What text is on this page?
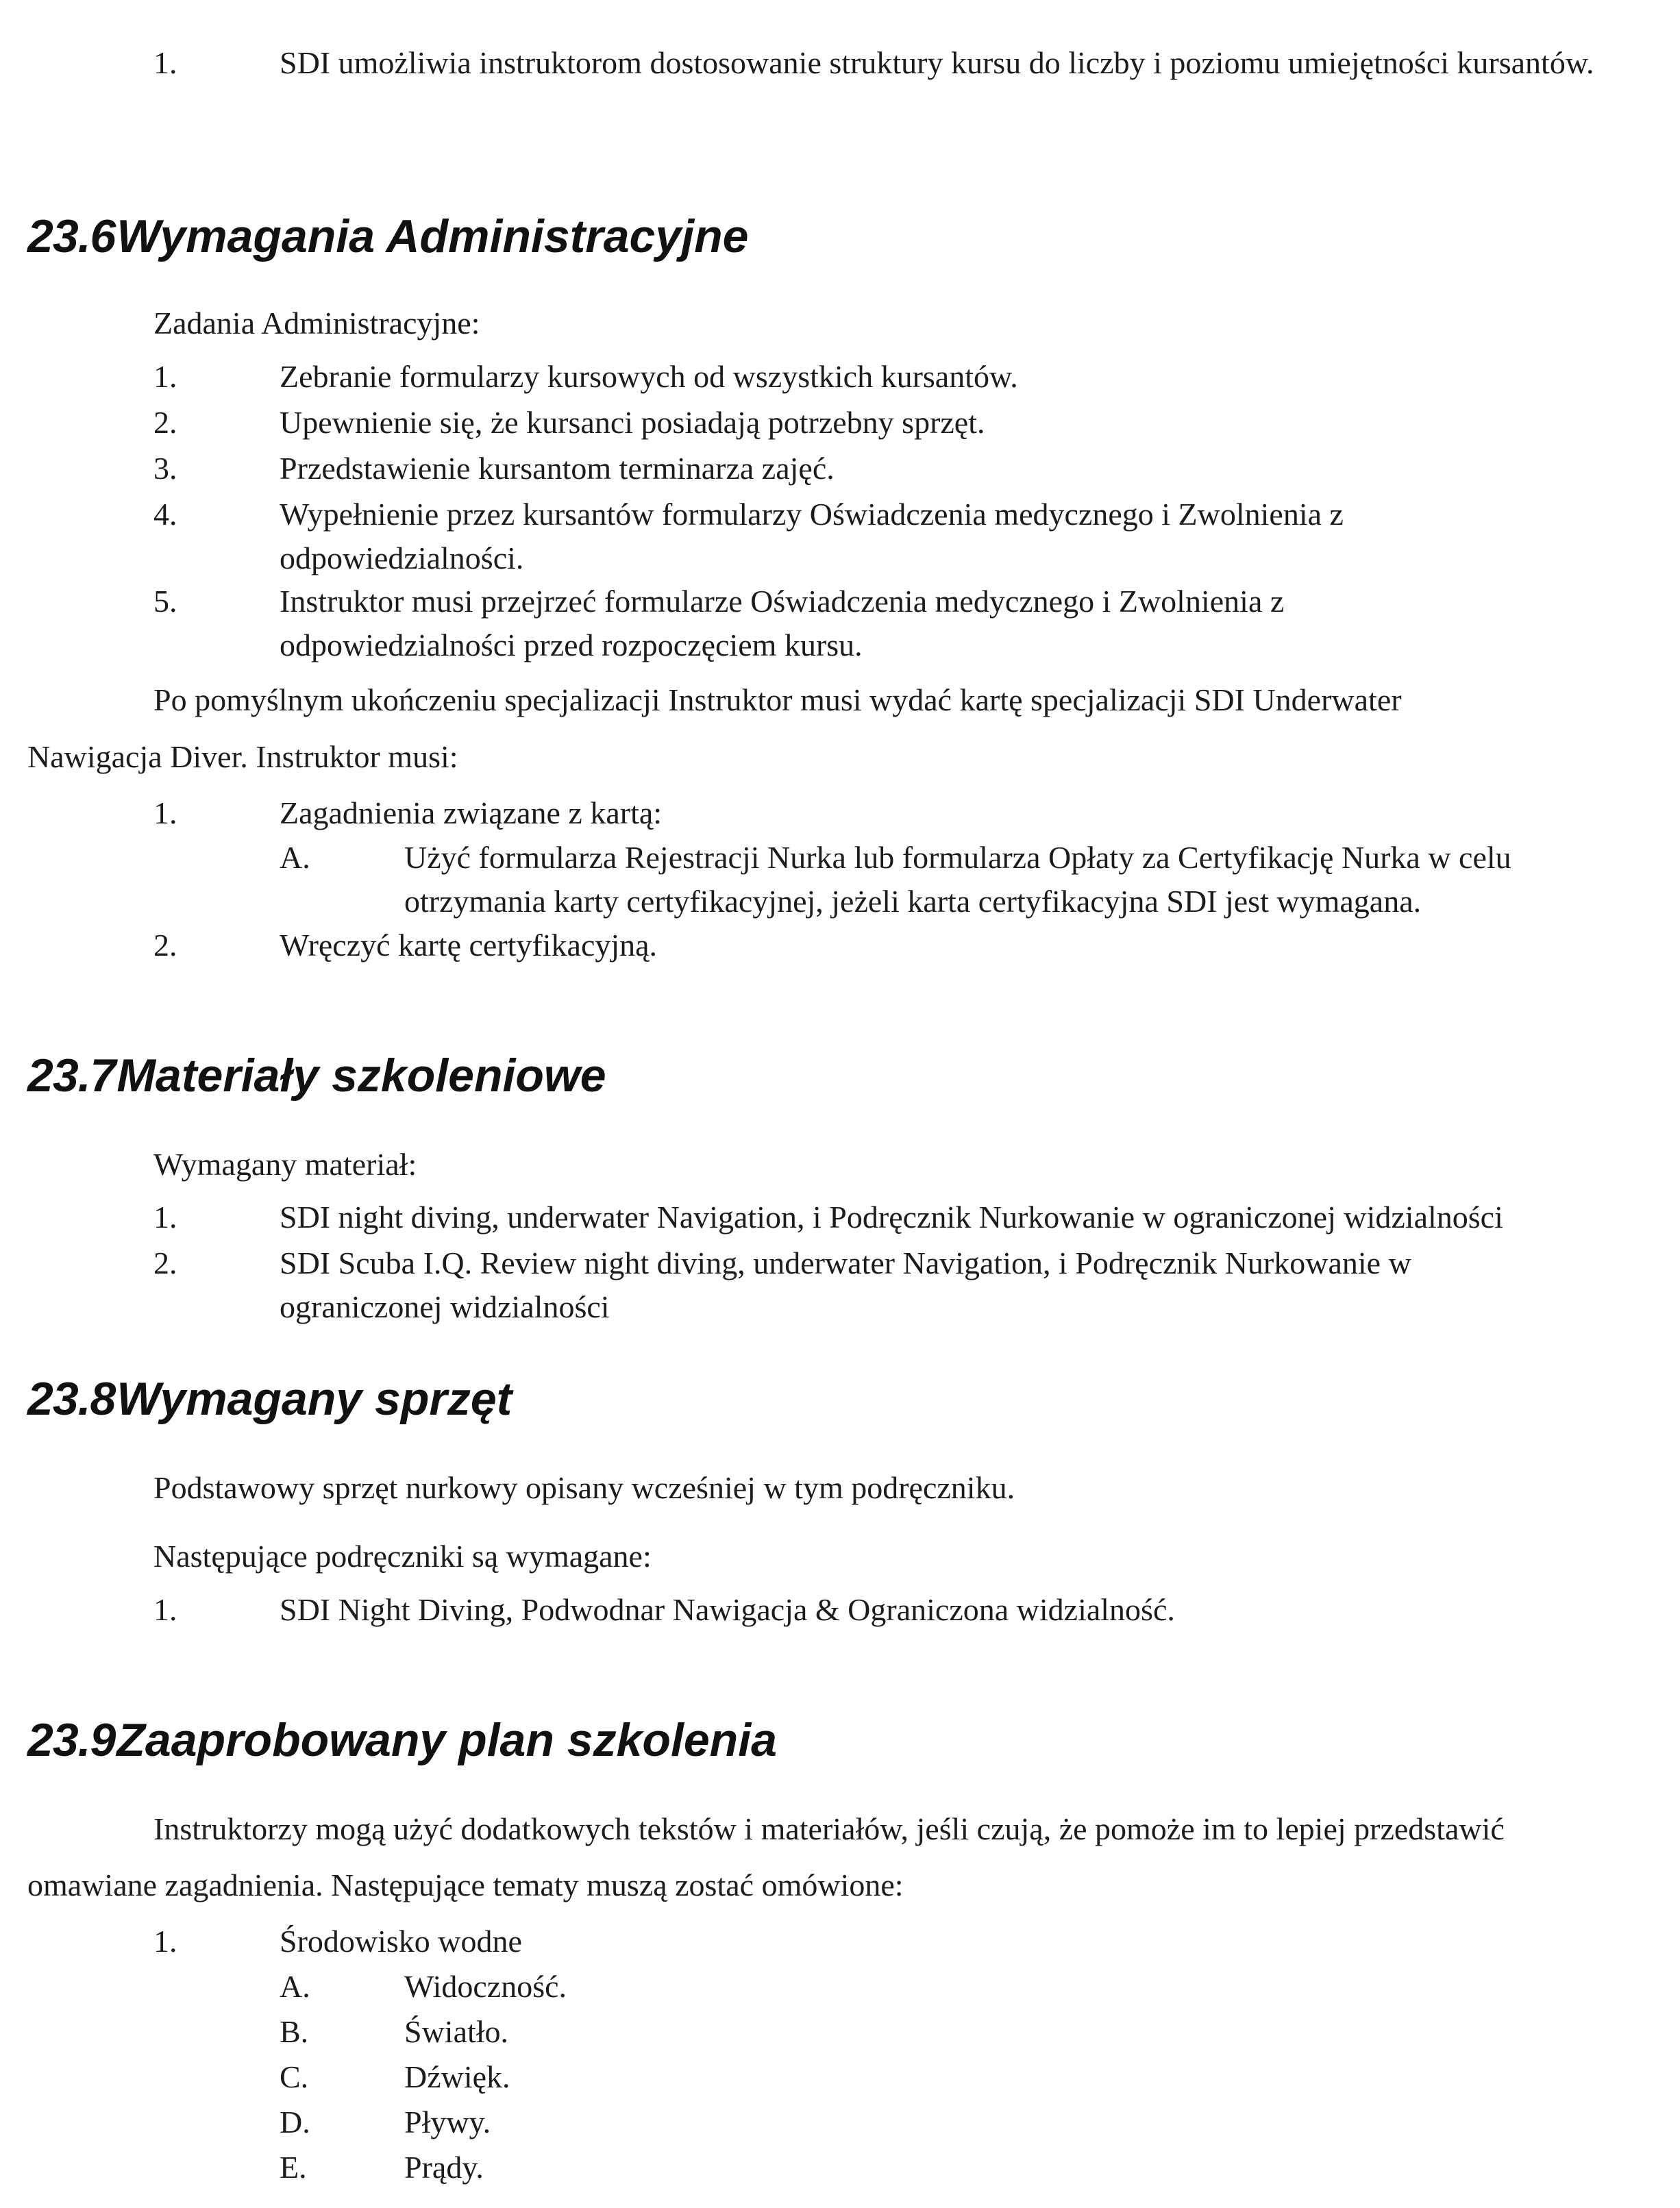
1.	SDI umożliwia instruktorom dostosowanie struktury kursu do liczby i poziomu umiejętności kursantów.
23.6Wymagania Administracyjne

Zadania Administracyjne:

1.	Zebranie formularzy kursowych od wszystkich kursantów.
2.	Upewnienie się, że kursanci posiadają potrzebny sprzęt.
3.	Przedstawienie kursantom terminarza zajęć.
4.	Wypełnienie przez kursantów formularzy Oświadczenia medycznego i Zwolnienia z odpowiedzialności.
5.	Instruktor musi przejrzeć formularze Oświadczenia medycznego i Zwolnienia z odpowiedzialności przed rozpoczęciem kursu.
Po pomyślnym ukończeniu specjalizacji Instruktor musi wydać kartę specjalizacji SDI Underwater
Nawigacja Diver. Instruktor musi:
1.	Zagadnienia związane z kartą:
A.	Użyć formularza Rejestracji Nurka lub formularza Opłaty za Certyfikację Nurka w celu otrzymania karty certyfikacyjnej, jeżeli karta certyfikacyjna SDI jest wymagana.
2.	Wręczyć kartę certyfikacyjną.
23.7Materiały szkoleniowe

Wymagany materiał:

1.	SDI night diving, underwater Navigation, i Podręcznik Nurkowanie w ograniczonej widzialności
2.	SDI Scuba I.Q. Review night diving, underwater Navigation, i Podręcznik Nurkowanie w ograniczonej widzialności
23.8Wymagany sprzęt

Podstawowy sprzęt nurkowy opisany wcześniej w tym podręczniku.

Następujące podręczniki są wymagane:

1.	SDI Night Diving, Podwodnar Nawigacja & Ograniczona widzialność.
23.9Zaaprobowany plan szkolenia
Instruktorzy mogą użyć dodatkowych tekstów i materiałów, jeśli czują, że pomoże im to lepiej przedstawić
omawiane zagadnienia. Następujące tematy muszą zostać omówione:
1.	Środowisko wodne
A.	Widoczność.
B.	Światło.
C.	Dźwięk.
D.	Pływy.
E.	Prądy.
